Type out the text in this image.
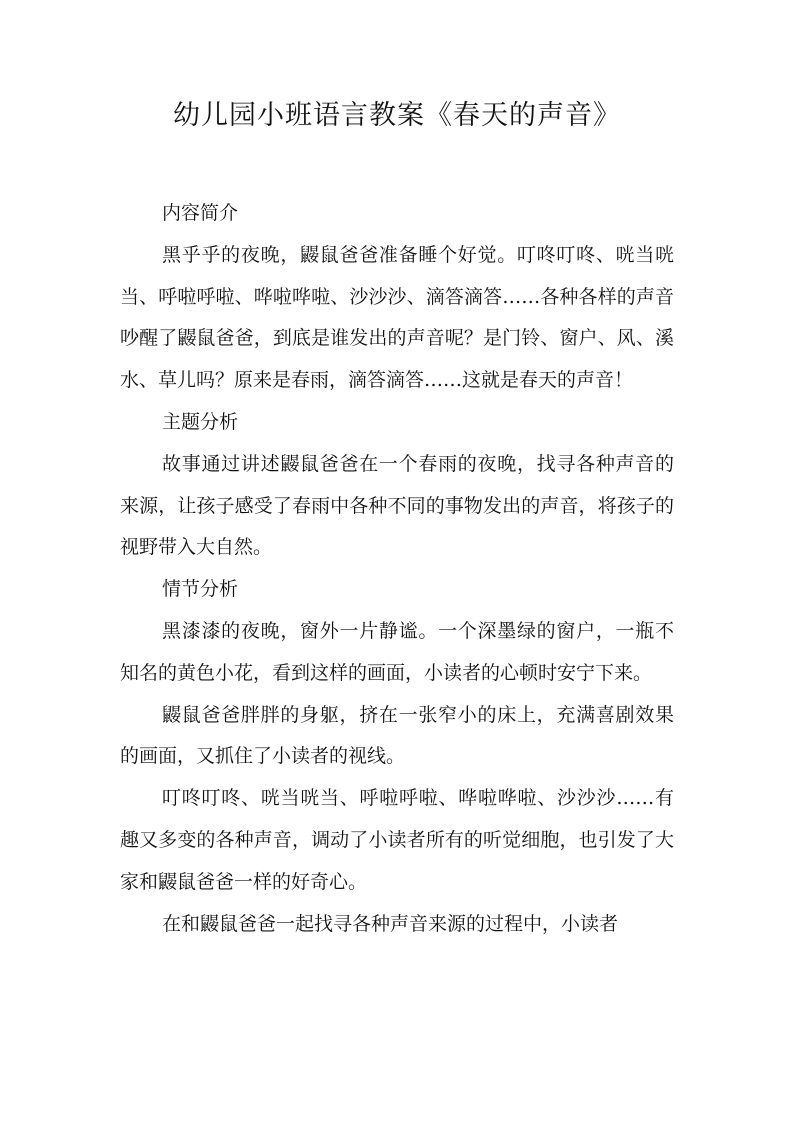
幼儿园小班语言教案《春天的声音》

内容简介

黑乎乎的夜晚，鼹鼠爸爸准备睡个好觉。叮咚叮咚、咣当咣当、呼啦呼啦、哗啦哗啦、沙沙沙、滴答滴答……各种各样的声音吵醒了鼹鼠爸爸，到底是谁发出的声音呢？是门铃、窗户、风、溪水、草儿吗？原来是春雨，滴答滴答……这就是春天的声音！

主题分析

故事通过讲述鼹鼠爸爸在一个春雨的夜晚，找寻各种声音的来源，让孩子感受了春雨中各种不同的事物发出的声音，将孩子的视野带入大自然。

情节分析

黑漆漆的夜晚，窗外一片静谧。一个深墨绿的窗户，一瓶不知名的黄色小花，看到这样的画面，小读者的心顿时安宁下来。

鼹鼠爸爸胖胖的身躯，挤在一张窄小的床上，充满喜剧效果的画面，又抓住了小读者的视线。

叮咚叮咚、咣当咣当、呼啦呼啦、哗啦哗啦、沙沙沙……有趣又多变的各种声音，调动了小读者所有的听觉细胞，也引发了大家和鼹鼠爸爸一样的好奇心。

在和鼹鼠爸爸一起找寻各种声音来源的过程中，小读者
